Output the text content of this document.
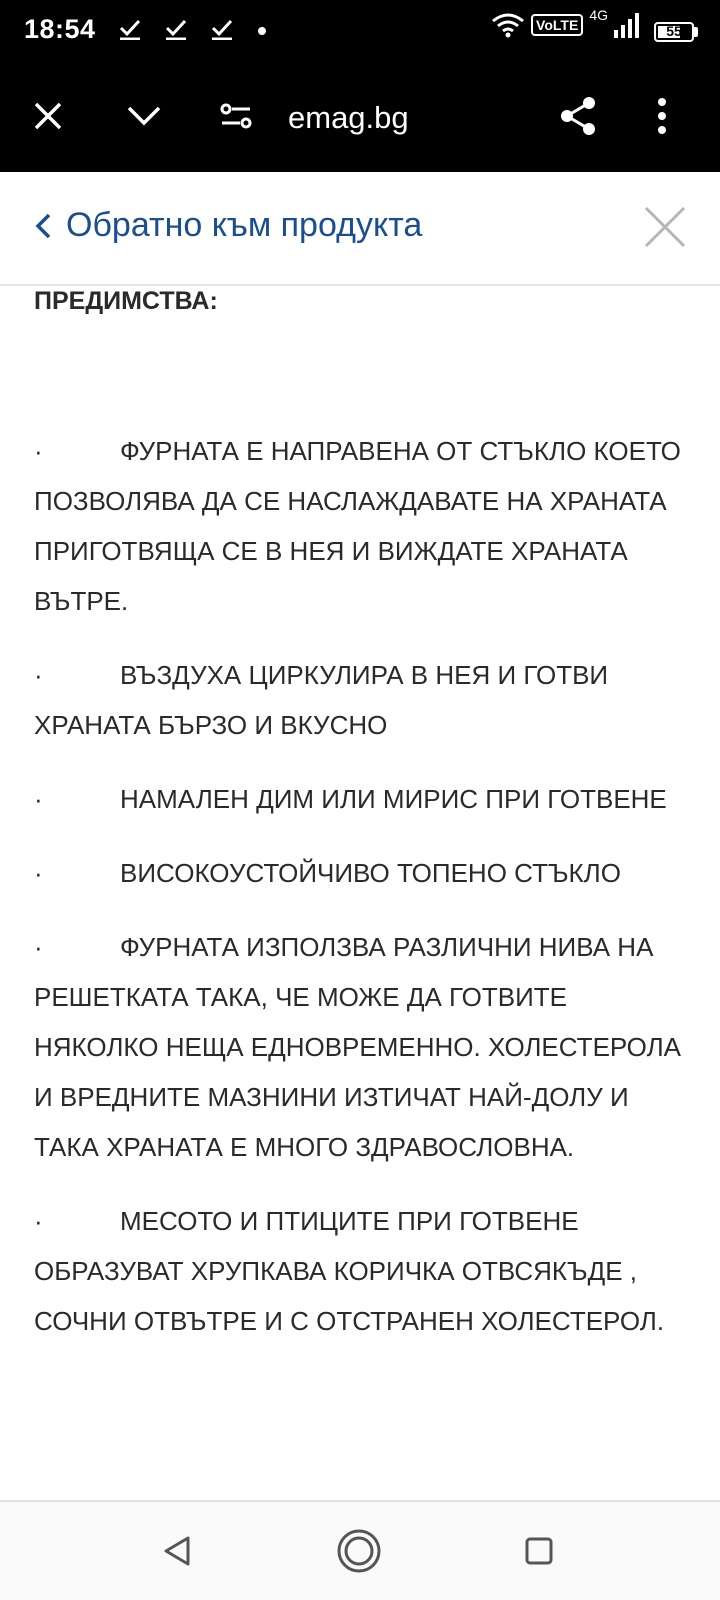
18:54	VoLTE
4G
55
emag.bg
Обратно към продукта
ПРЕДИМСТВА:
·	ФУРНАТА Е НАПРАВЕНА ОТ СТЪКЛО КОЕТО ПОЗВОЛЯВА ДА СЕ НАСЛАЖДАВАТЕ НА ХРАНАТА ПРИГОТВЯЩА СЕ В НЕЯ И ВИЖДАТЕ ХРАНАТА ВЪТРЕ.
·	ВЪЗДУХА ЦИРКУЛИРА В НЕЯ И ГОТВИ ХРАНАТА БЪРЗО И ВКУСНО
·	НАМАЛЕН ДИМ ИЛИ МИРИС ПРИ ГОТВЕНЕ
·	ВИСОКОУСТОЙЧИВО ТОПЕНО СТЪКЛО
·	ФУРНАТА ИЗПОЛЗВА РАЗЛИЧНИ НИВА НА РЕШЕТКАТА ТАКА, ЧЕ МОЖЕ ДА ГОТВИТЕ НЯКОЛКО НЕЩА ЕДНОВРЕМЕННО. ХОЛЕСТЕРОЛА И ВРЕДНИТЕ МАЗНИНИ ИЗТИЧАТ НАЙ-ДОЛУ И ТАКА ХРАНАТА Е МНОГО ЗДРАВОСЛОВНА.
·	МЕСОТО И ПТИЦИТЕ ПРИ ГОТВЕНЕ ОБРАЗУВАТ ХРУПКАВА КОРИЧКА ОТВСЯКЪДЕ , СОЧНИ ОТВЪТРЕ И С ОТСТРАНЕН ХОЛЕСТЕРОЛ.
